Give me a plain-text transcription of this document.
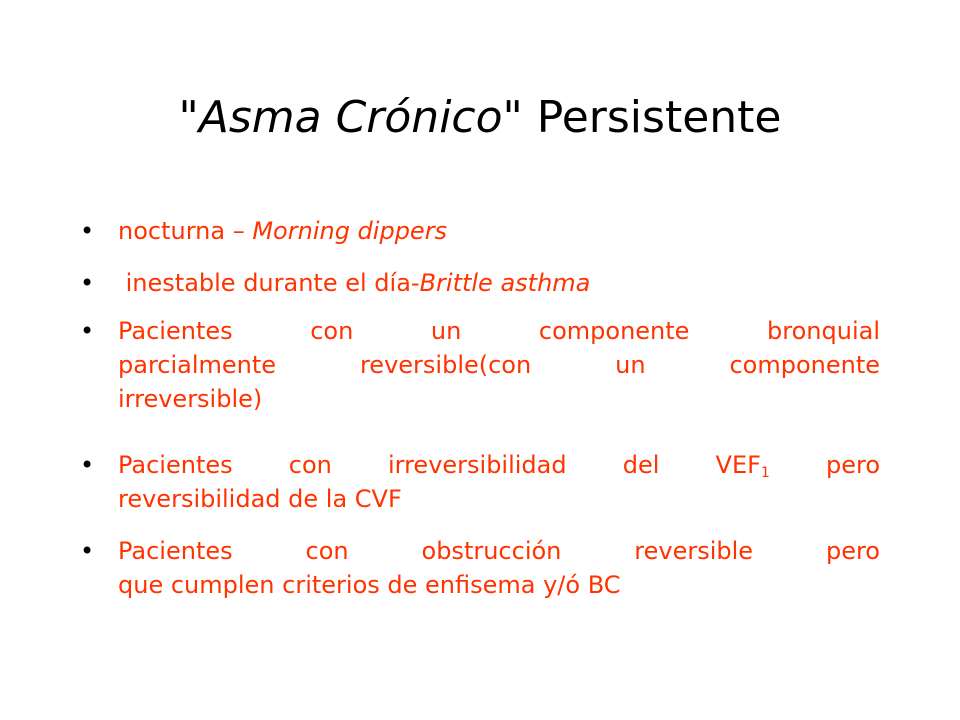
"Asma Crónico" Persistente
• nocturna – Morning dippers
• inestable durante el día-Brittle asthma
• Pacientes con un componente bronquial
parcialmente reversible(con un componente
irreversible)
• Pacientes con irreversibilidad del $VEF_1$ pero
reversibilidad de la CVF
• Pacientes con obstrucción reversible pero
que cumplen criterios de enfisema y/ó BC
